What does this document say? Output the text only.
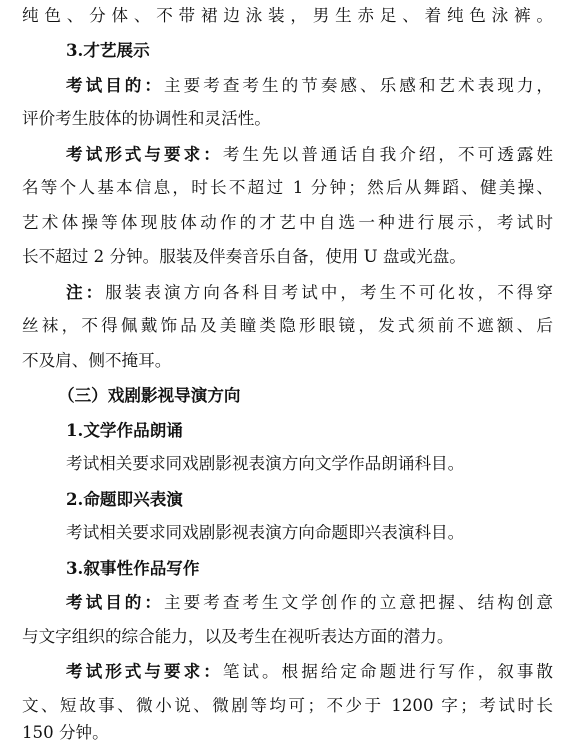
纯色、分体、不带裙边泳装，男生赤足、着纯色泳裤。
3.才艺展示
考试目的：主要考查考生的节奏感、乐感和艺术表现力，
评价考生肢体的协调性和灵活性。
考试形式与要求：考生先以普通话自我介绍，不可透露姓
名等个人基本信息，时长不超过 1 分钟；然后从舞蹈、健美操、
艺术体操等体现肢体动作的才艺中自选一种进行展示，考试时
长不超过 2 分钟。服装及伴奏音乐自备，使用 U 盘或光盘。
注：服装表演方向各科目考试中，考生不可化妆，不得穿
丝袜，不得佩戴饰品及美瞳类隐形眼镜，发式须前不遮额、后
不及肩、侧不掩耳。
（三）戏剧影视导演方向
1.文学作品朗诵
考试相关要求同戏剧影视表演方向文学作品朗诵科目。
2.命题即兴表演
考试相关要求同戏剧影视表演方向命题即兴表演科目。
3.叙事性作品写作
考试目的：主要考查考生文学创作的立意把握、结构创意
与文字组织的综合能力，以及考生在视听表达方面的潜力。
考试形式与要求：笔试。根据给定命题进行写作，叙事散
文、短故事、微小说、微剧等均可；不少于 1200 字；考试时长
150 分钟。
